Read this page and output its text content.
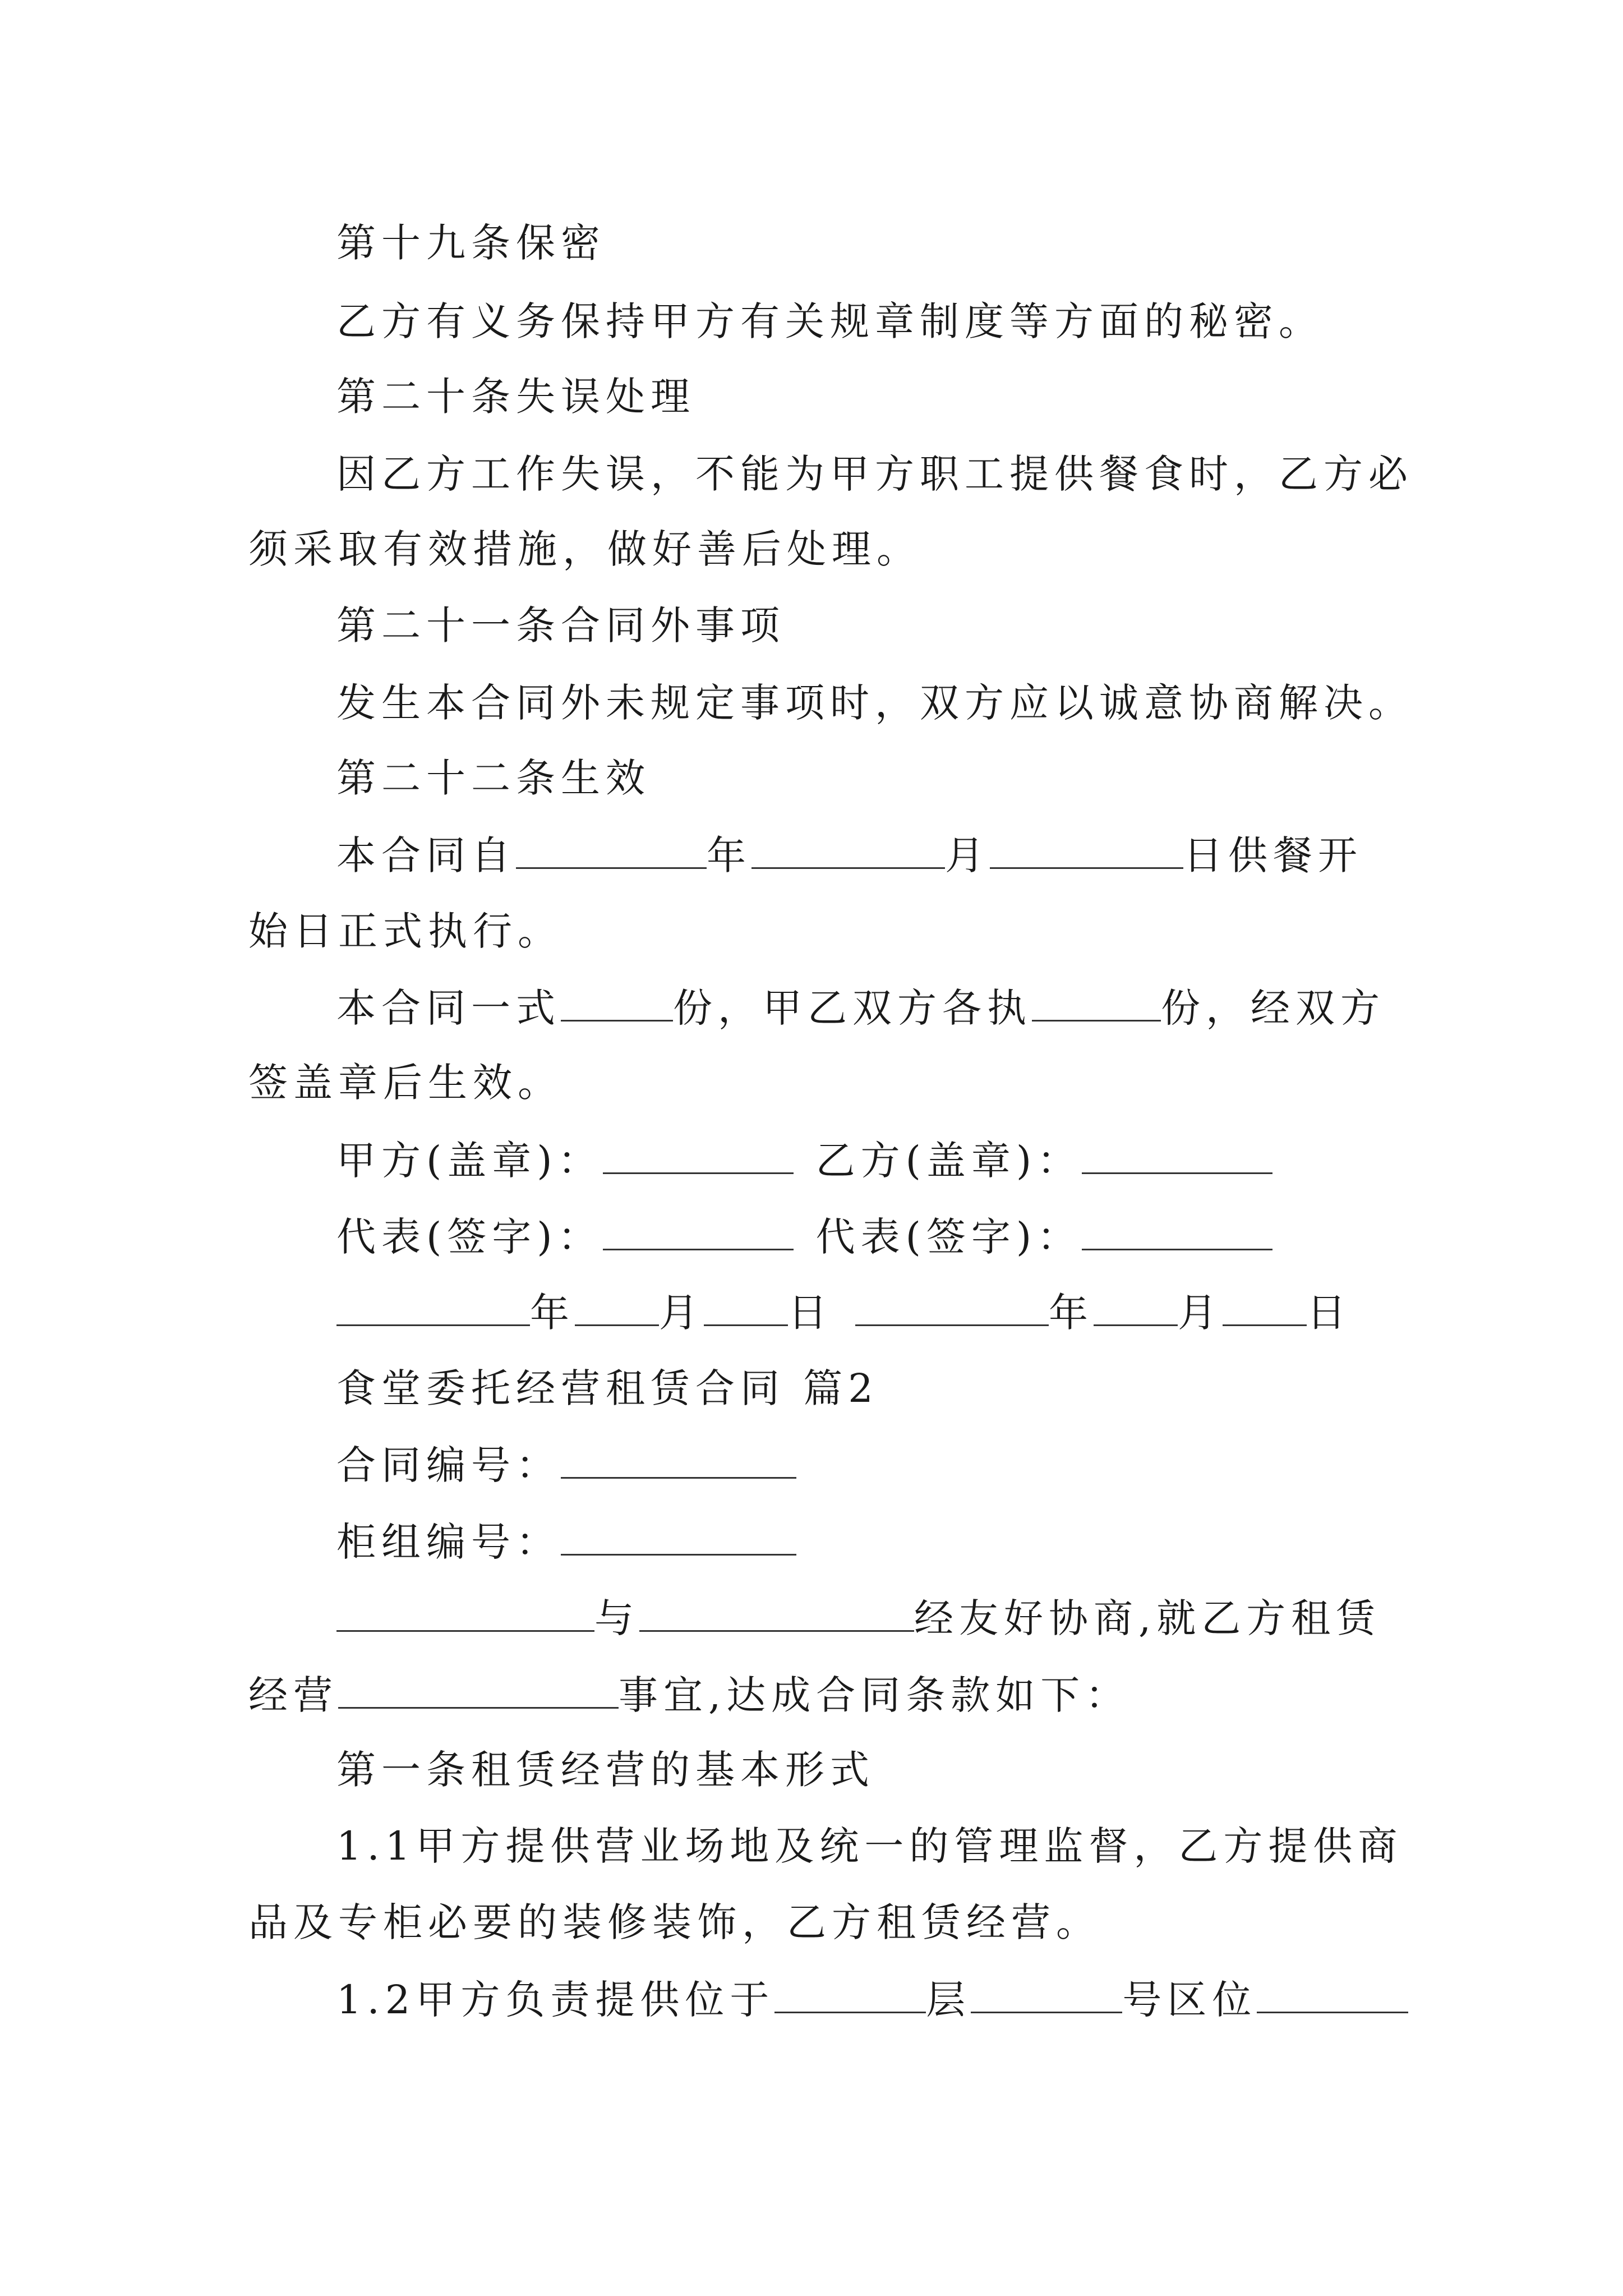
第十九条保密
乙方有义务保持甲方有关规章制度等方面的秘密。
第二十条失误处理
因乙方工作失误，不能为甲方职工提供餐食时，乙方必
须采取有效措施，做好善后处理。
第二十一条合同外事项
发生本合同外未规定事项时，双方应以诚意协商解决。
第二十二条生效
本合同自	年	月	日供餐开
始日正式执行。
本合同一式	份，甲乙双方各执	份，经双方
签盖章后生效。
甲方(盖章)：	乙方(盖章)：
代表(签字)：	代表(签字)：
年 月 日	年 月 日
食堂委托经营租赁合同 篇2
合同编号：
柜组编号：
与	经友好协商,就乙方租赁
经营	事宜,达成合同条款如下：
第一条租赁经营的基本形式
1.1甲方提供营业场地及统一的管理监督，乙方提供商
品及专柜必要的装修装饰，乙方租赁经营。
1.2甲方负责提供位于	层	号区位
